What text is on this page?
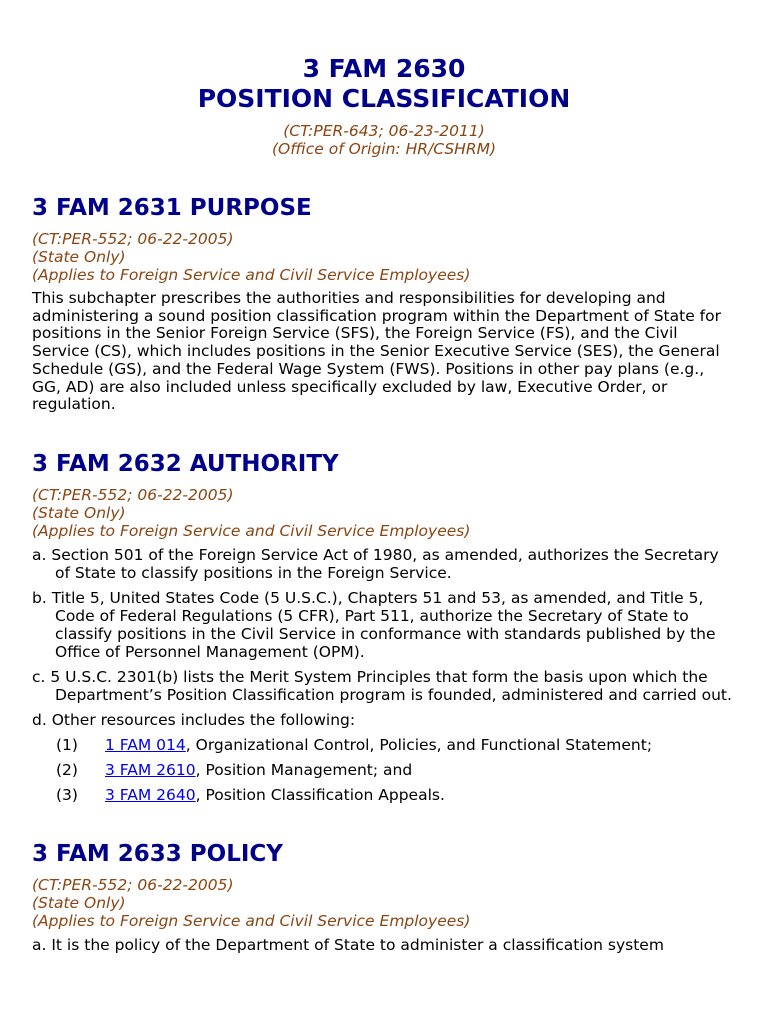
3 FAM 2630
POSITION CLASSIFICATION
(CT:PER-643; 06-23-2011)
(Office of Origin: HR/CSHRM)
3 FAM 2631 PURPOSE
(CT:PER-552; 06-22-2005)
(State Only)
(Applies to Foreign Service and Civil Service Employees)

This subchapter prescribes the authorities and responsibilities for developing and administering a sound position classification program within the Department of State for positions in the Senior Foreign Service (SFS), the Foreign Service (FS), and the Civil Service (CS), which includes positions in the Senior Executive Service (SES), the General Schedule (GS), and the Federal Wage System (FWS). Positions in other pay plans (e.g., GG, AD) are also included unless specifically excluded by law, Executive Order, or regulation.

3 FAM 2632 AUTHORITY
(CT:PER-552; 06-22-2005)
(State Only)
(Applies to Foreign Service and Civil Service Employees)

a. Section 501 of the Foreign Service Act of 1980, as amended, authorizes the Secretary of State to classify positions in the Foreign Service.

b. Title 5, United States Code (5 U.S.C.), Chapters 51 and 53, as amended, and Title 5, Code of Federal Regulations (5 CFR), Part 511, authorize the Secretary of State to classify positions in the Civil Service in conformance with standards published by the Office of Personnel Management (OPM).

c. 5 U.S.C. 2301(b) lists the Merit System Principles that form the basis upon which the Department’s Position Classification program is founded, administered and carried out.

d. Other resources includes the following:

(1) 1 FAM 014, Organizational Control, Policies, and Functional Statement;

(2) 3 FAM 2610, Position Management; and

(3) 3 FAM 2640, Position Classification Appeals.

3 FAM 2633 POLICY
(CT:PER-552; 06-22-2005)
(State Only)
(Applies to Foreign Service and Civil Service Employees)

a. It is the policy of the Department of State to administer a classification system
